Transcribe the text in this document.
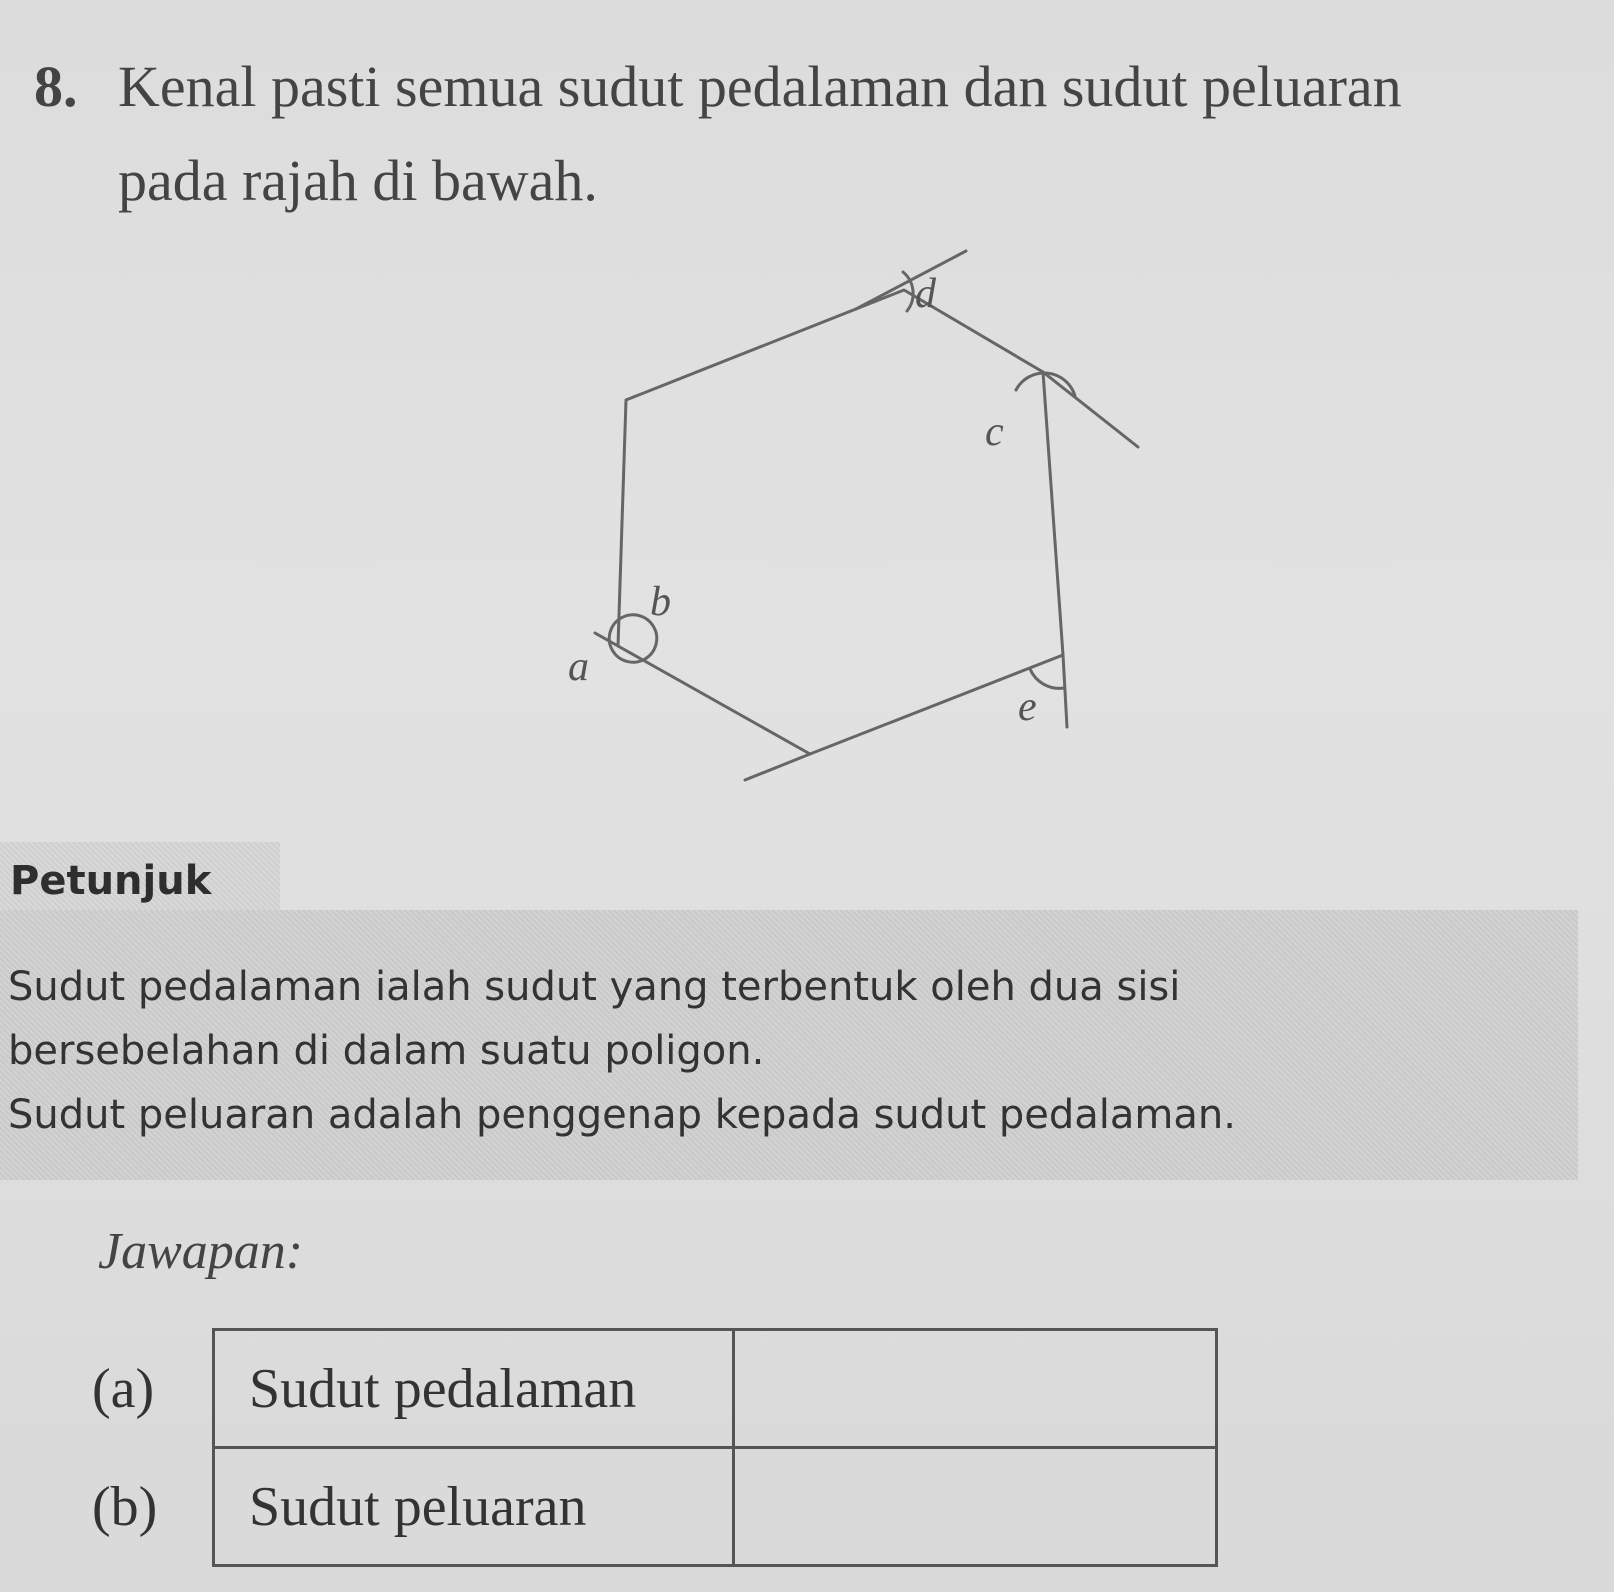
8. Kenal pasti semua sudut pedalaman dan sudut peluaran
pada rajah di bawah.
d
c
b
a
e
Petunjuk
Sudut pedalaman ialah sudut yang terbentuk oleh dua sisi
bersebelahan di dalam suatu poligon.
Sudut peluaran adalah penggenap kepada sudut pedalaman.
Jawapan:
(a)	Sudut pedalaman	
(b)	Sudut peluaran	
